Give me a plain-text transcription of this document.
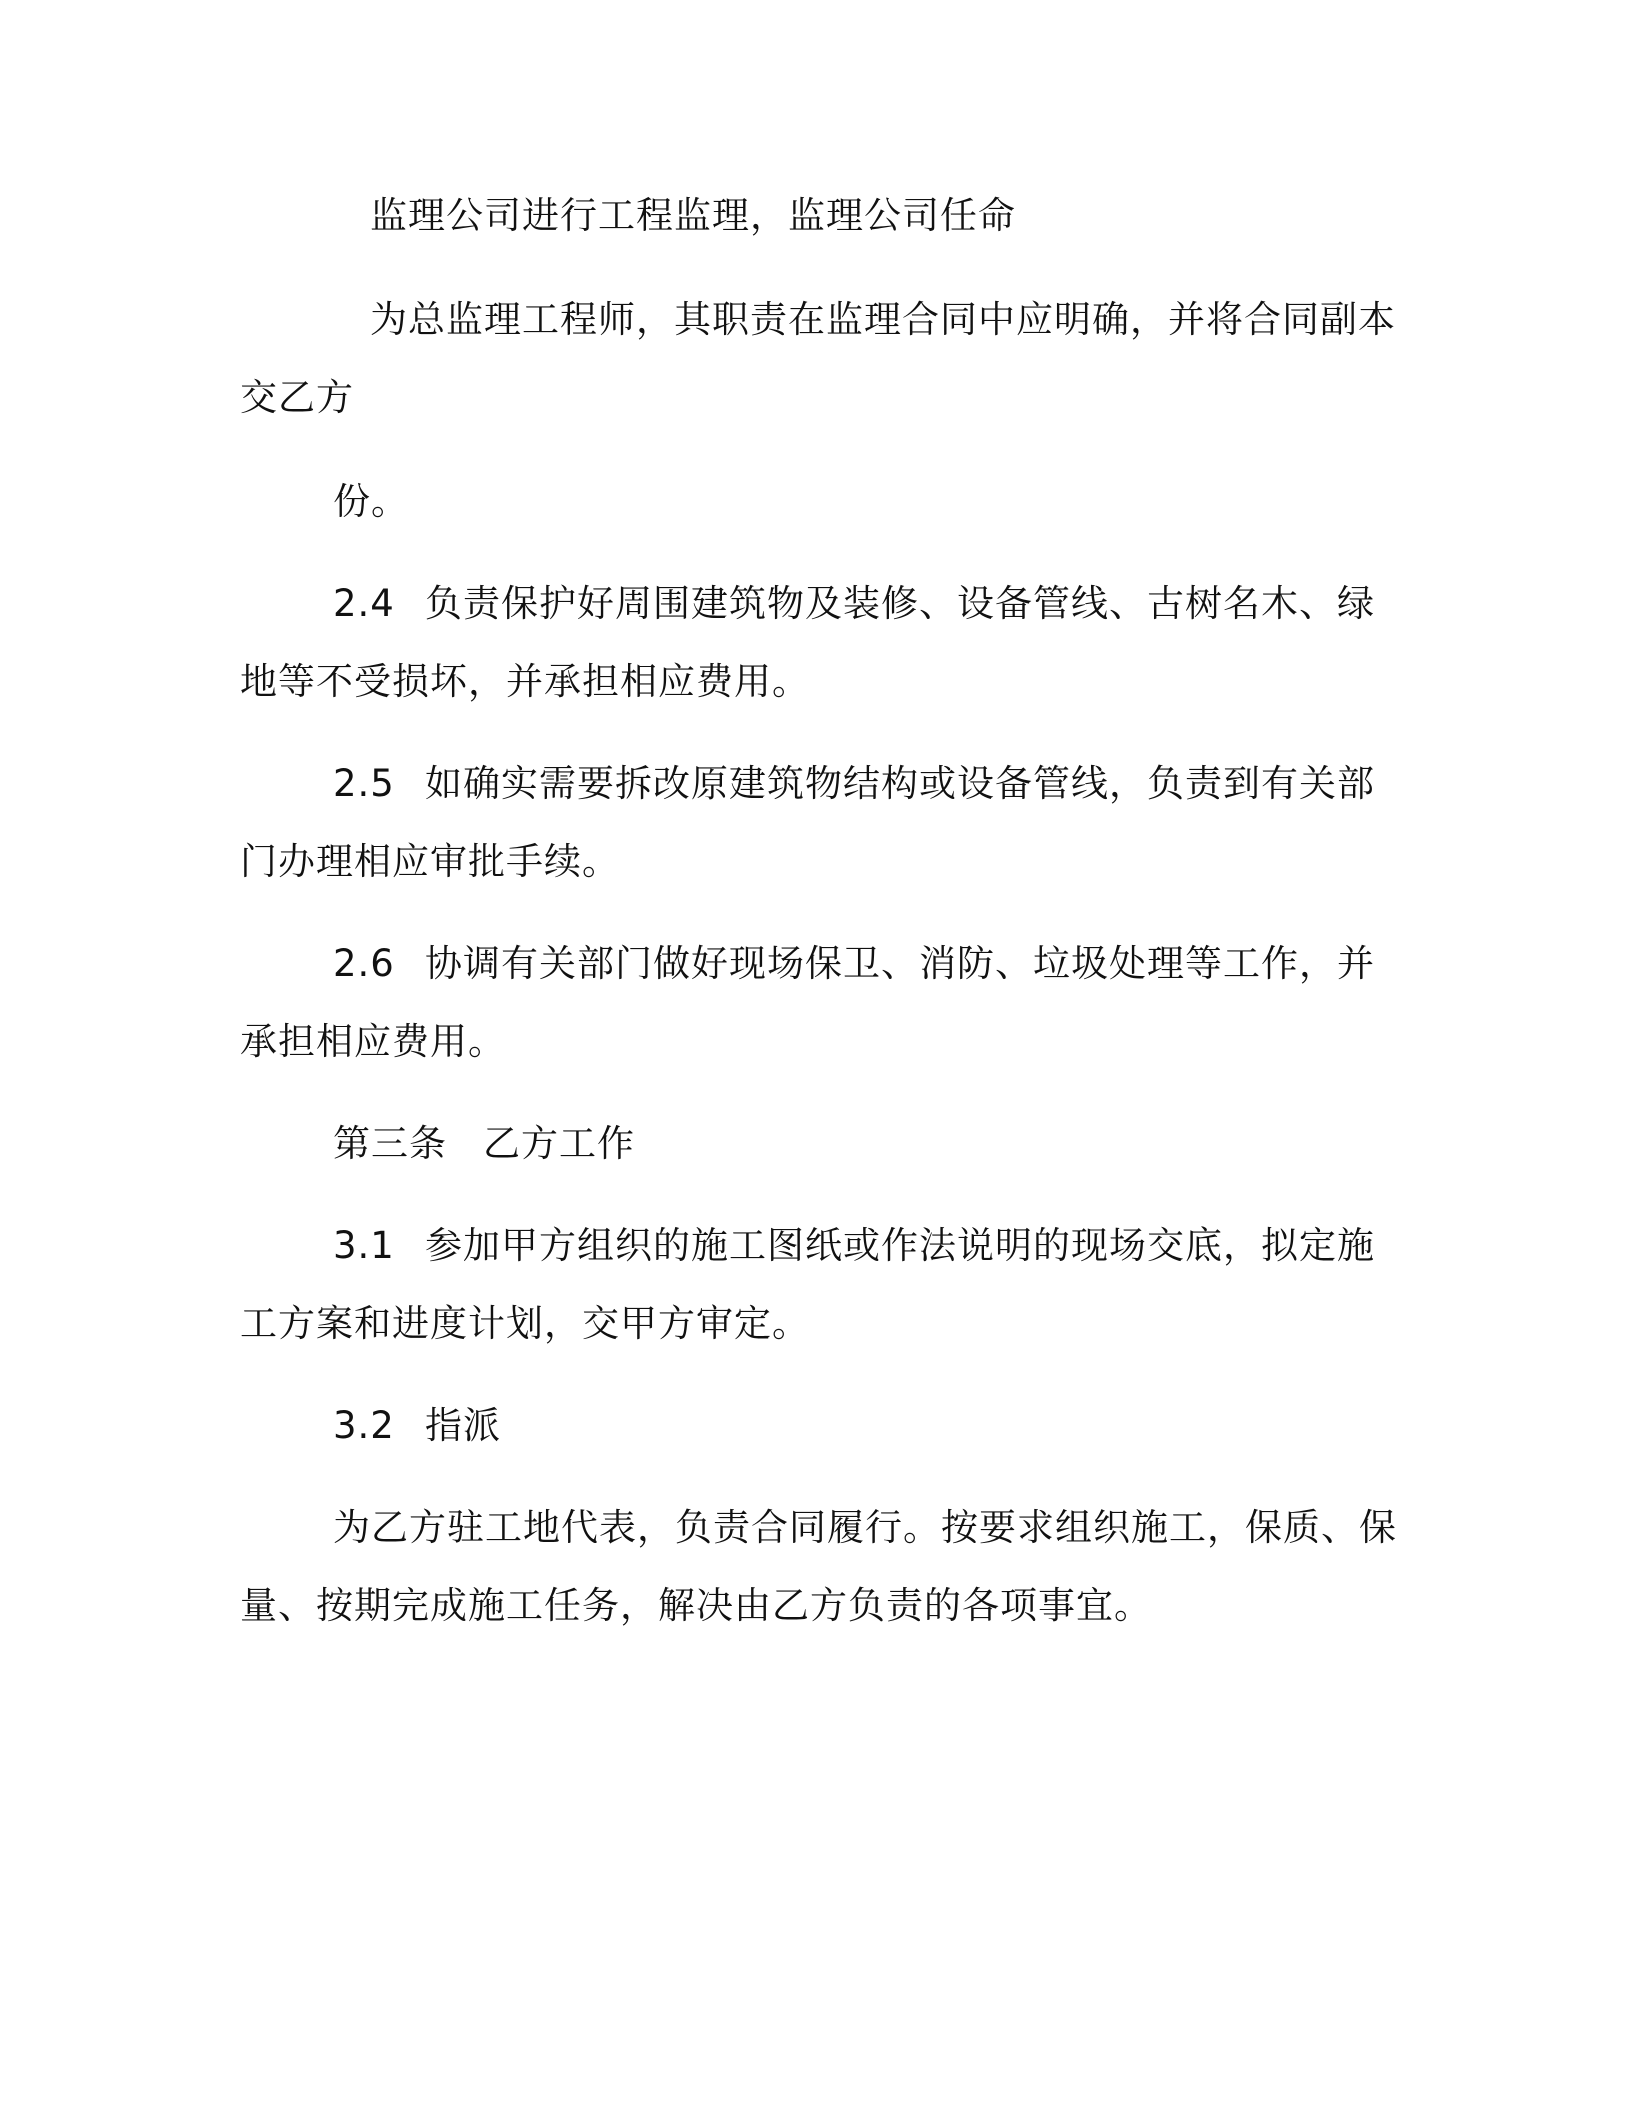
监理公司进行工程监理，监理公司任命
为总监理工程师，其职责在监理合同中应明确，并将合同副本
交乙方
份。
2.4 负责保护好周围建筑物及装修、设备管线、古树名木、绿
地等不受损坏，并承担相应费用。
2.5 如确实需要拆改原建筑物结构或设备管线，负责到有关部
门办理相应审批手续。
2.6 协调有关部门做好现场保卫、消防、垃圾处理等工作，并
承担相应费用。
第三条 乙方工作
3.1 参加甲方组织的施工图纸或作法说明的现场交底，拟定施
工方案和进度计划，交甲方审定。
3.2 指派
为乙方驻工地代表，负责合同履行。按要求组织施工，保质、保
量、按期完成施工任务，解决由乙方负责的各项事宜。
